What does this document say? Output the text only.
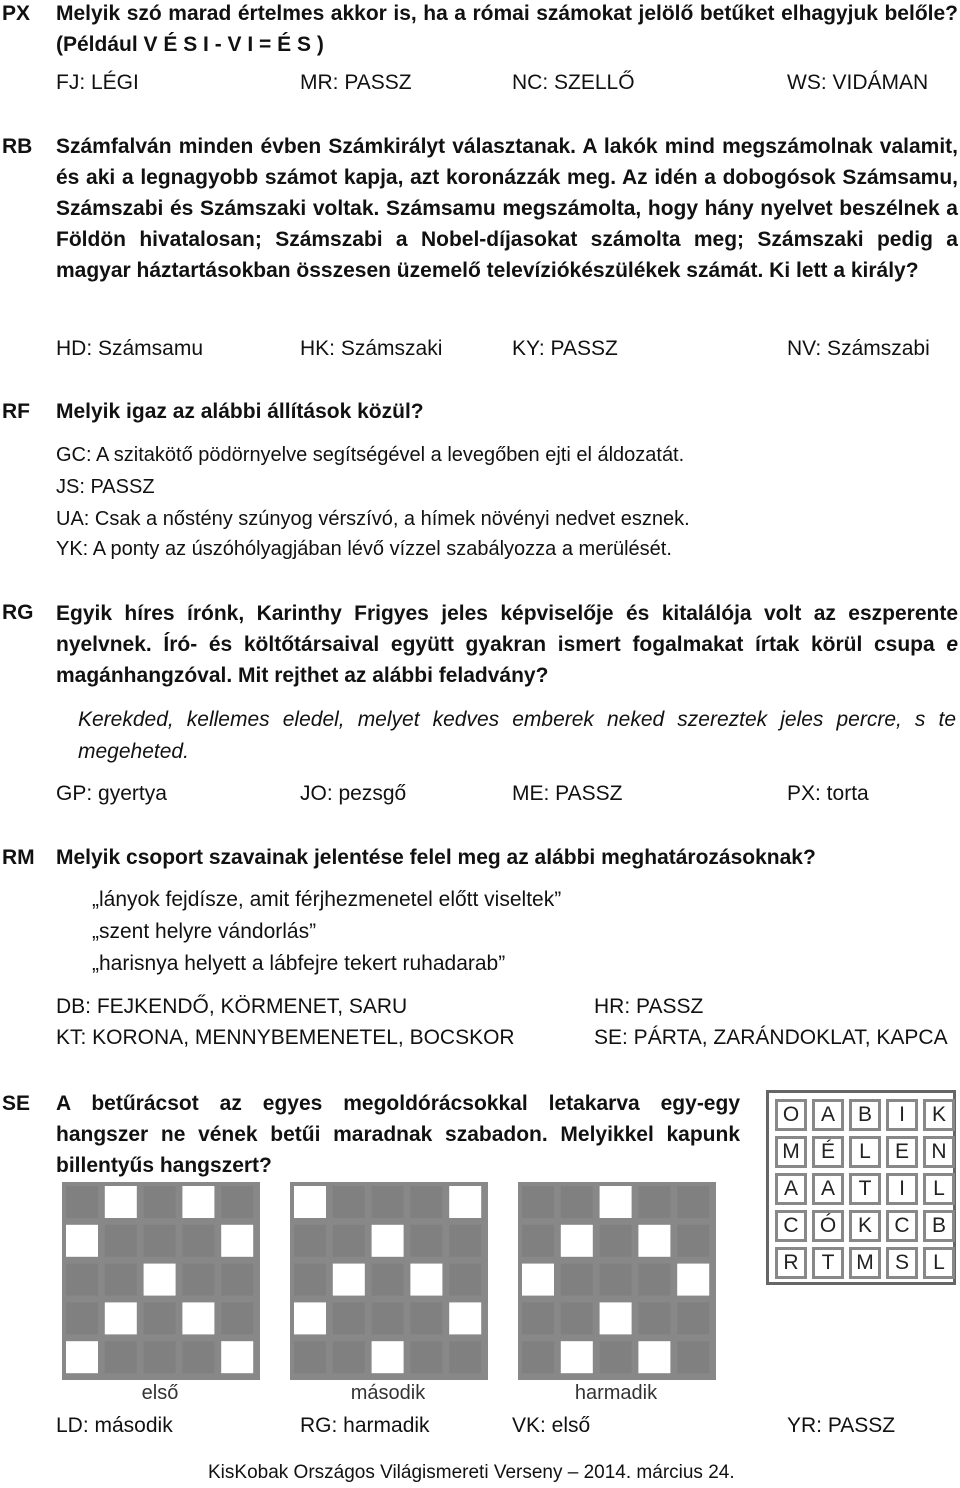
PX Melyik szó marad értelmes akkor is, ha a római számokat jelölő betűket elhagyjuk belőle? (Például V É S I - V I = É S )
FJ: LÉGI	MR: PASSZ	NC: SZELLŐ	WS: VIDÁMAN
RB Számfalván minden évben Számkirályt választanak. A lakók mind megszámolnak valamit, és aki a legnagyobb számot kapja, azt koronázzák meg. Az idén a dobogósok Számsamu, Számszabi és Számszaki voltak. Számsamu megszámolta, hogy hány nyelvet beszélnek a Földön hivatalosan; Számszabi a Nobel-díjasokat számolta meg; Számszaki pedig a magyar háztartásokban összesen üzemelő televíziókészülékek számát. Ki lett a király?
HD: Számsamu	HK: Számszaki	KY: PASSZ	NV: Számszabi
RF Melyik igaz az alábbi állítások közül?
GC: A szitakötő pödörnyelve segítségével a levegőben ejti el áldozatát.
JS: PASSZ
UA: Csak a nőstény szúnyog vérszívó, a hímek növényi nedvet esznek.
YK: A ponty az úszóhólyagjában lévő vízzel szabályozza a merülését.
RG Egyik híres írónk, Karinthy Frigyes jeles képviselője és kitalálója volt az eszperente nyelvnek. Író- és költőtársaival együtt gyakran ismert fogalmakat írtak körül csupa e magánhangzóval. Mit rejthet az alábbi feladvány?
Kerekded, kellemes eledel, melyet kedves emberek neked szereztek jeles percre, s te megeheted.
GP: gyertya	JO: pezsgő	ME: PASSZ	PX: torta
RM Melyik csoport szavainak jelentése felel meg az alábbi meghatározásoknak?
„lányok fejdísze, amit férjhezmenetel előtt viseltek”
„szent helyre vándorlás”
„harisnya helyett a lábfejre tekert ruhadarab”
DB: FEJKENDŐ, KÖRMENET, SARU	HR: PASSZ
KT: KORONA, MENNYBEMENETEL, BOCSKOR	SE: PÁRTA, ZARÁNDOKLAT, KAPCA
SE A betűrácsot az egyes megoldórácsokkal letakarva egy-egy hangszer ne vének betűi maradnak szabadon. Melyikkel kapunk billentyűs hangszert?
O	A	B	I	K
M	É	L	E	N
A	A	T	I	L
C	Ó	K	C	B
R	T	M	S	L
első	második	harmadik
LD: második	RG: harmadik	VK: első	YR: PASSZ
KisKobak Országos Világismereti Verseny – 2014. március 24.
